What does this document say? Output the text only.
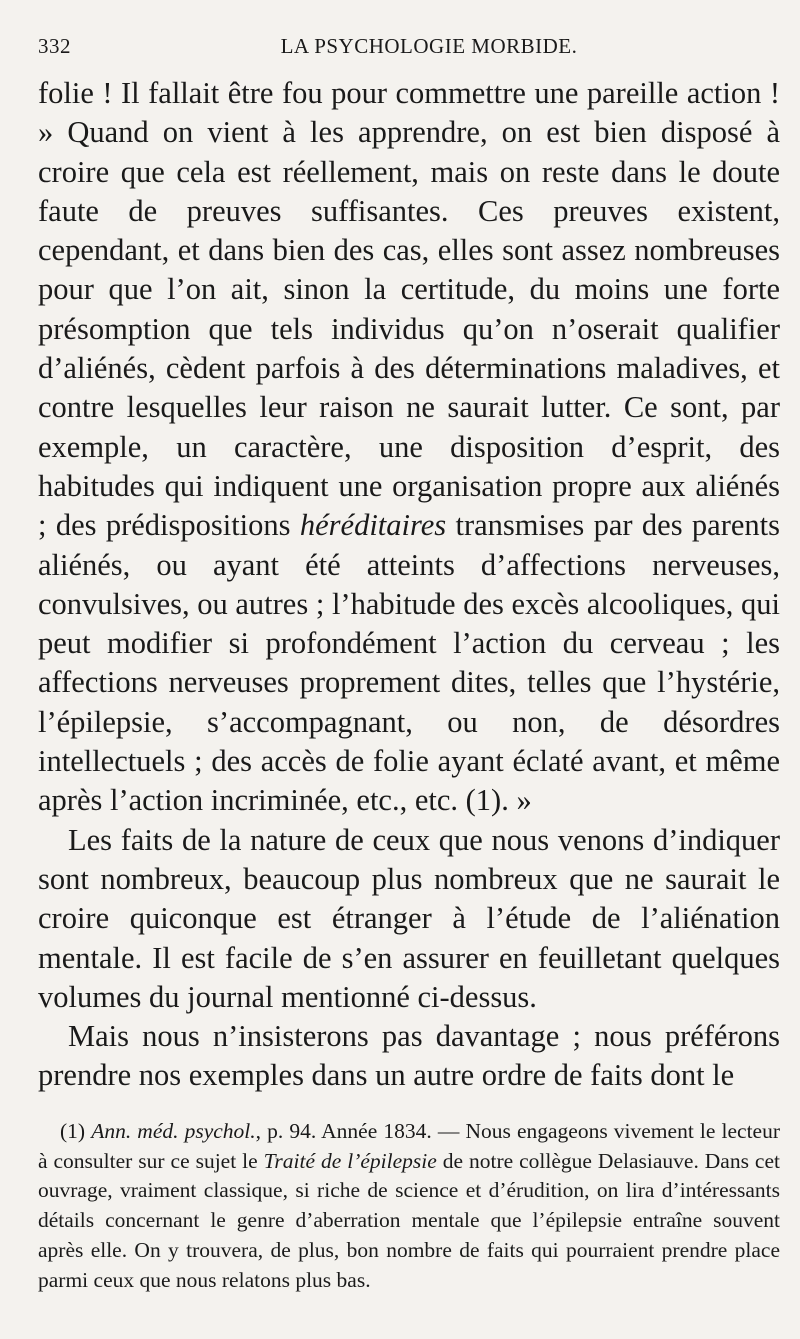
332	LA PSYCHOLOGIE MORBIDE.

folie ! Il fallait être fou pour commettre une pareille action ! » Quand on vient à les apprendre, on est bien disposé à croire que cela est réellement, mais on reste dans le doute faute de preuves suffisantes. Ces preuves existent, cependant, et dans bien des cas, elles sont assez nombreuses pour que l’on ait, sinon la certitude, du moins une forte présomption que tels individus qu’on n’oserait qualifier d’aliénés, cèdent parfois à des déterminations maladives, et contre lesquelles leur raison ne saurait lutter. Ce sont, par exemple, un caractère, une disposition d’esprit, des habitudes qui indiquent une organisation propre aux aliénés ; des prédispositions héréditaires transmises par des parents aliénés, ou ayant été atteints d’affections nerveuses, convulsives, ou autres ; l’habitude des excès alcooliques, qui peut modifier si profondément l’action du cerveau ; les affections nerveuses proprement dites, telles que l’hystérie, l’épilepsie, s’accompagnant, ou non, de désordres intellectuels ; des accès de folie ayant éclaté avant, et même après l’action incriminée, etc., etc. (1). »

Les faits de la nature de ceux que nous venons d’indiquer sont nombreux, beaucoup plus nombreux que ne saurait le croire quiconque est étranger à l’étude de l’aliénation mentale. Il est facile de s’en assurer en feuilletant quelques volumes du journal mentionné ci-dessus.

Mais nous n’insisterons pas davantage ; nous préférons prendre nos exemples dans un autre ordre de faits dont le

(1) Ann. méd. psychol., p. 94. Année 1834. — Nous engageons vivement le lecteur à consulter sur ce sujet le Traité de l’épilepsie de notre collègue Delasiauve. Dans cet ouvrage, vraiment classique, si riche de science et d’érudition, on lira d’intéressants détails concernant le genre d’aberration mentale que l’épilepsie entraîne souvent après elle. On y trouvera, de plus, bon nombre de faits qui pourraient prendre place parmi ceux que nous relatons plus bas.
